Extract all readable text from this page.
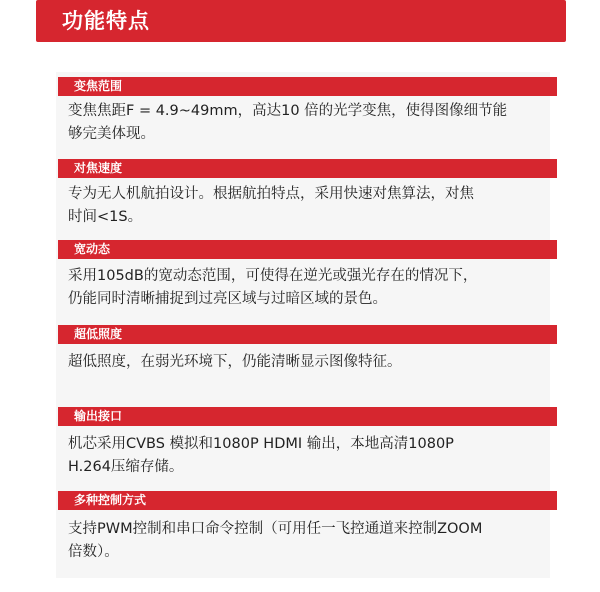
功能特点
变焦范围
变焦焦距F = 4.9~49mm，高达10 倍的光学变焦，使得图像细节能
够完美体现。
对焦速度
专为无人机航拍设计。根据航拍特点，采用快速对焦算法，对焦
时间<1S。
宽动态
采用105dB的宽动态范围，可使得在逆光或强光存在的情况下，
仍能同时清晰捕捉到过亮区域与过暗区域的景色。
超低照度
超低照度，在弱光环境下，仍能清晰显示图像特征。
输出接口
机芯采用CVBS 模拟和1080P HDMI 输出，本地高清1080P
H.264压缩存储。
多种控制方式
支持PWM控制和串口命令控制（可用任一飞控通道来控制ZOOM
倍数）。
